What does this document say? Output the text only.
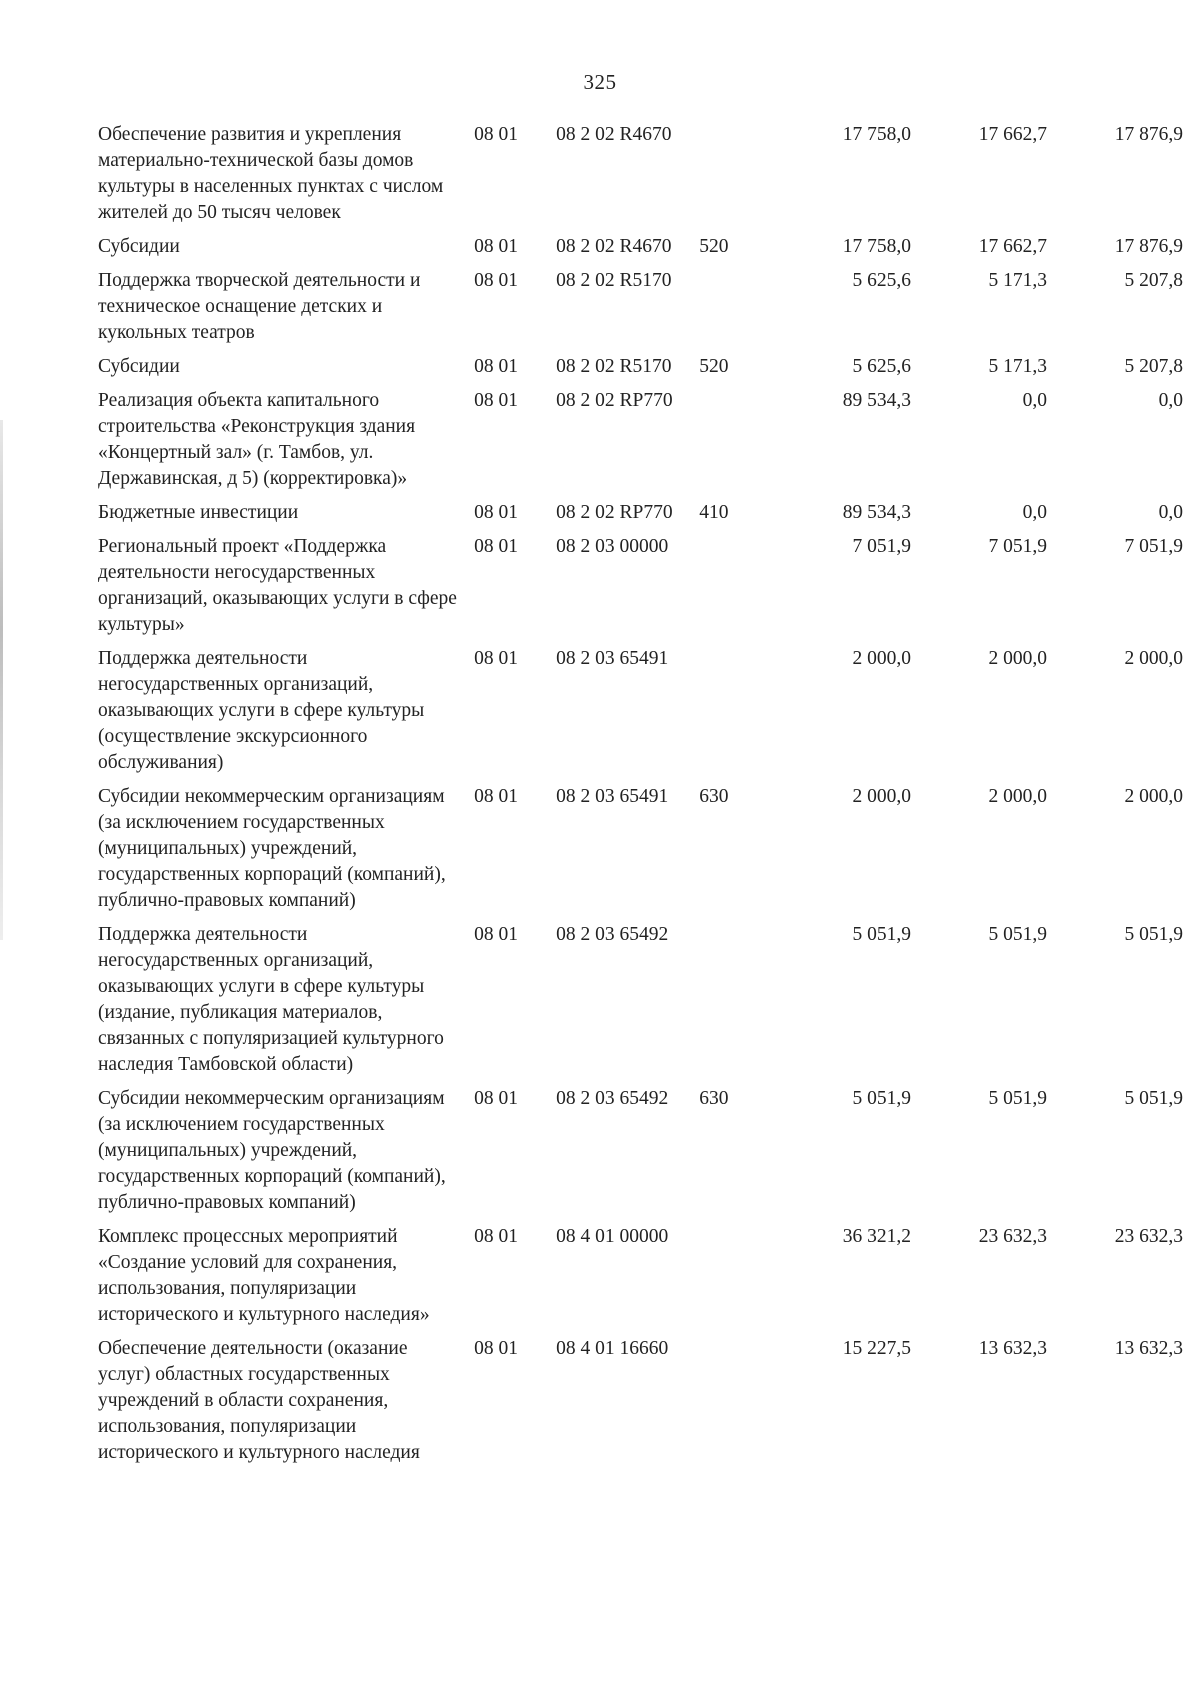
325
Обеспечение развития и укрепления материально-технической базы домов культуры в населенных пунктах с числом жителей до 50 тысяч человек	08 01	08 2 02 R4670		17 758,0	17 662,7	17 876,9
Субсидии	08 01	08 2 02 R4670	520	17 758,0	17 662,7	17 876,9
Поддержка творческой деятельности и техническое оснащение детских и кукольных театров	08 01	08 2 02 R5170		5 625,6	5 171,3	5 207,8
Субсидии	08 01	08 2 02 R5170	520	5 625,6	5 171,3	5 207,8
Реализация объекта капитального строительства «Реконструкция здания «Концертный зал» (г. Тамбов, ул. Державинская, д 5) (корректировка)»	08 01	08 2 02 RP770		89 534,3	0,0	0,0
Бюджетные инвестиции	08 01	08 2 02 RP770	410	89 534,3	0,0	0,0
Региональный проект «Поддержка деятельности негосударственных организаций, оказывающих услуги в сфере культуры»	08 01	08 2 03 00000		7 051,9	7 051,9	7 051,9
Поддержка деятельности негосударственных организаций, оказывающих услуги в сфере культуры (осуществление экскурсионного обслуживания)	08 01	08 2 03 65491		2 000,0	2 000,0	2 000,0
Субсидии некоммерческим организациям (за исключением государственных (муниципальных) учреждений, государственных корпораций (компаний), публично-правовых компаний)	08 01	08 2 03 65491	630	2 000,0	2 000,0	2 000,0
Поддержка деятельности негосударственных организаций, оказывающих услуги в сфере культуры (издание, публикация материалов, связанных с популяризацией культурного наследия Тамбовской области)	08 01	08 2 03 65492		5 051,9	5 051,9	5 051,9
Субсидии некоммерческим организациям (за исключением государственных (муниципальных) учреждений, государственных корпораций (компаний), публично-правовых компаний)	08 01	08 2 03 65492	630	5 051,9	5 051,9	5 051,9
Комплекс процессных мероприятий «Создание условий для сохранения, использования, популяризации исторического и культурного наследия»	08 01	08 4 01 00000		36 321,2	23 632,3	23 632,3
Обеспечение деятельности (оказание услуг) областных государственных учреждений в области сохранения, использования, популяризации исторического и культурного наследия	08 01	08 4 01 16660		15 227,5	13 632,3	13 632,3
